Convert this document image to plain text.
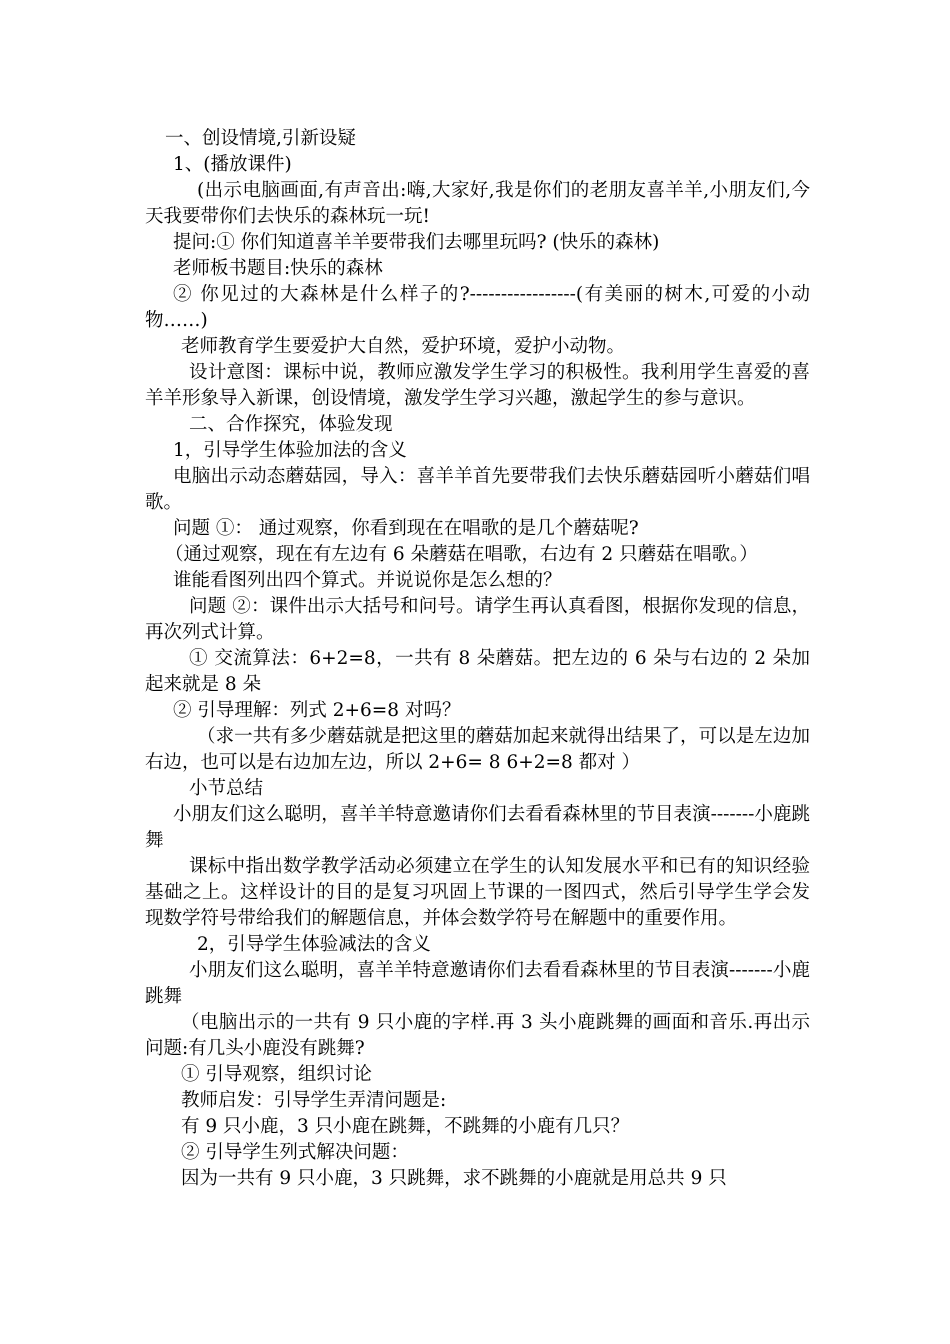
一、创设情境,引新设疑

1、(播放课件)

(出示电脑画面,有声音出:嗨,大家好,我是你们的老朋友喜羊羊,小朋友们,今天我要带你们去快乐的森林玩一玩!

提问:① 你们知道喜羊羊要带我们去哪里玩吗? (快乐的森林)

老师板书题目:快乐的森林

② 你见过的大森林是什么样子的?-----------------(有美丽的树木,可爱的小动物……)

老师教育学生要爱护大自然，爱护环境，爱护小动物。

设计意图：课标中说，教师应激发学生学习的积极性。我利用学生喜爱的喜羊羊形象导入新课，创设情境，激发学生学习兴趣，激起学生的参与意识。

二、合作探究，体验发现

1，引导学生体验加法的含义

电脑出示动态蘑菇园，导入：喜羊羊首先要带我们去快乐蘑菇园听小蘑菇们唱歌。

问题 ①： 通过观察，你看到现在在唱歌的是几个蘑菇呢?

（通过观察，现在有左边有 6 朵蘑菇在唱歌，右边有 2 只蘑菇在唱歌。）

谁能看图列出四个算式。并说说你是怎么想的？

问题 ②：课件出示大括号和问号。请学生再认真看图，根据你发现的信息，再次列式计算。

① 交流算法：6+2=8，一共有 8 朵蘑菇。把左边的 6 朵与右边的 2 朵加起来就是 8 朵

② 引导理解：列式 2+6=8 对吗？

（求一共有多少蘑菇就是把这里的蘑菇加起来就得出结果了，可以是左边加右边，也可以是右边加左边，所以 2+6= 8 6+2=8 都对 ）

小节总结

小朋友们这么聪明，喜羊羊特意邀请你们去看看森林里的节目表演-------小鹿跳舞

课标中指出数学教学活动必须建立在学生的认知发展水平和已有的知识经验基础之上。这样设计的目的是复习巩固上节课的一图四式，然后引导学生学会发现数学符号带给我们的解题信息，并体会数学符号在解题中的重要作用。

2，引导学生体验减法的含义

小朋友们这么聪明，喜羊羊特意邀请你们去看看森林里的节目表演-------小鹿跳舞

（电脑出示的一共有 9 只小鹿的字样.再 3 头小鹿跳舞的画面和音乐.再出示问题:有几头小鹿没有跳舞?

① 引导观察，组织讨论

教师启发：引导学生弄清问题是:

有 9 只小鹿，3 只小鹿在跳舞，不跳舞的小鹿有几只？

② 引导学生列式解决问题：

因为一共有 9 只小鹿，3 只跳舞，求不跳舞的小鹿就是用总共 9 只
